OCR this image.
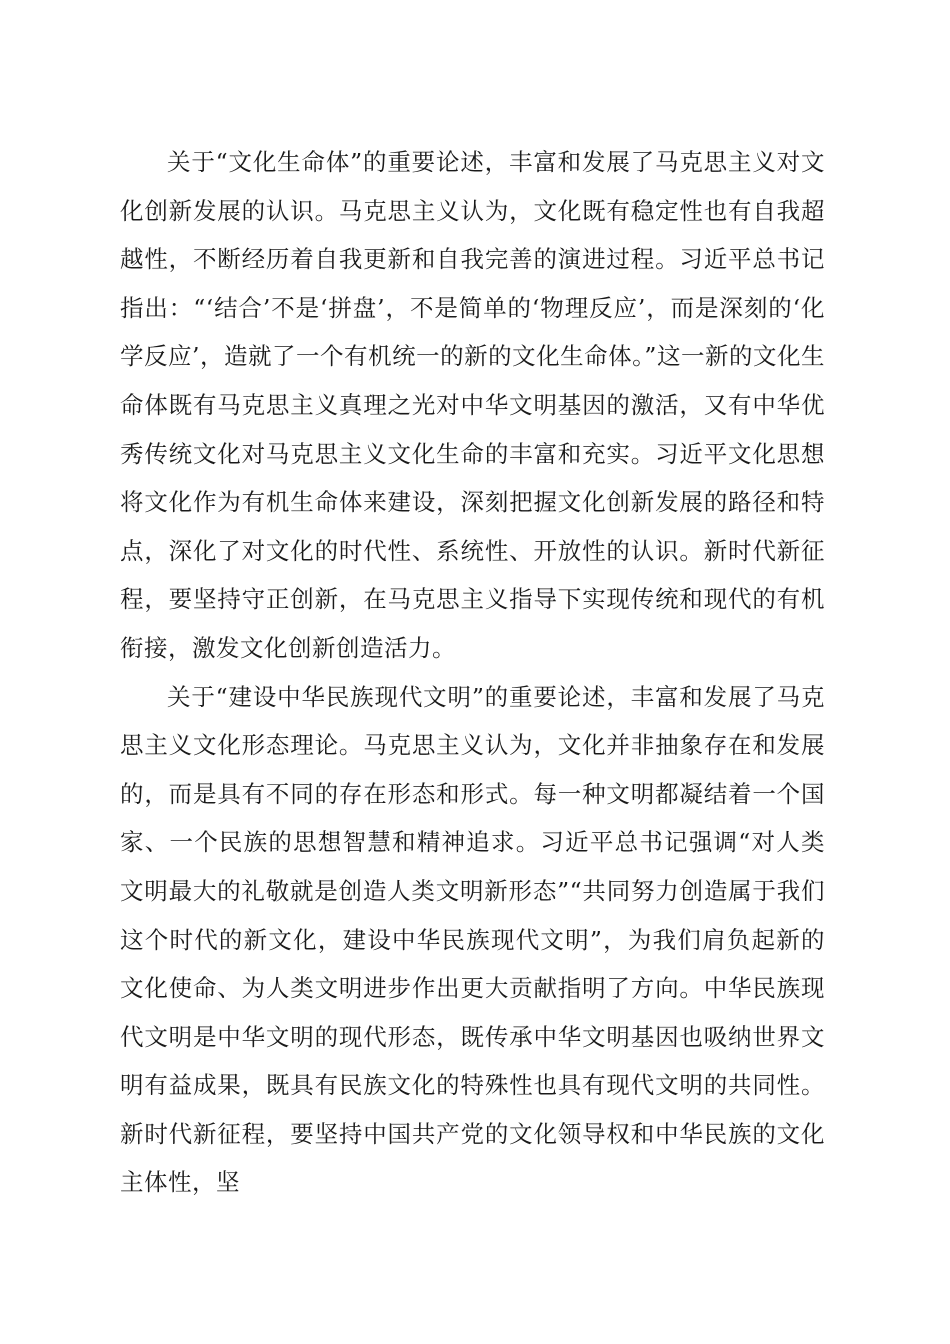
关于“文化生命体”的重要论述，丰富和发展了马克思主义对文化创新发展的认识。马克思主义认为，文化既有稳定性也有自我超越性，不断经历着自我更新和自我完善的演进过程。习近平总书记指出：“‘结合’不是‘拼盘’，不是简单的‘物理反应’，而是深刻的‘化学反应’，造就了一个有机统一的新的文化生命体。”这一新的文化生命体既有马克思主义真理之光对中华文明基因的激活，又有中华优秀传统文化对马克思主义文化生命的丰富和充实。习近平文化思想将文化作为有机生命体来建设，深刻把握文化创新发展的路径和特点，深化了对文化的时代性、系统性、开放性的认识。新时代新征程，要坚持守正创新，在马克思主义指导下实现传统和现代的有机衔接，激发文化创新创造活力。

关于“建设中华民族现代文明”的重要论述，丰富和发展了马克思主义文化形态理论。马克思主义认为，文化并非抽象存在和发展的，而是具有不同的存在形态和形式。每一种文明都凝结着一个国家、一个民族的思想智慧和精神追求。习近平总书记强调“对人类文明最大的礼敬就是创造人类文明新形态”“共同努力创造属于我们这个时代的新文化，建设中华民族现代文明”，为我们肩负起新的文化使命、为人类文明进步作出更大贡献指明了方向。中华民族现代文明是中华文明的现代形态，既传承中华文明基因也吸纳世界文明有益成果，既具有民族文化的特殊性也具有现代文明的共同性。新时代新征程，要坚持中国共产党的文化领导权和中华民族的文化主体性，坚
